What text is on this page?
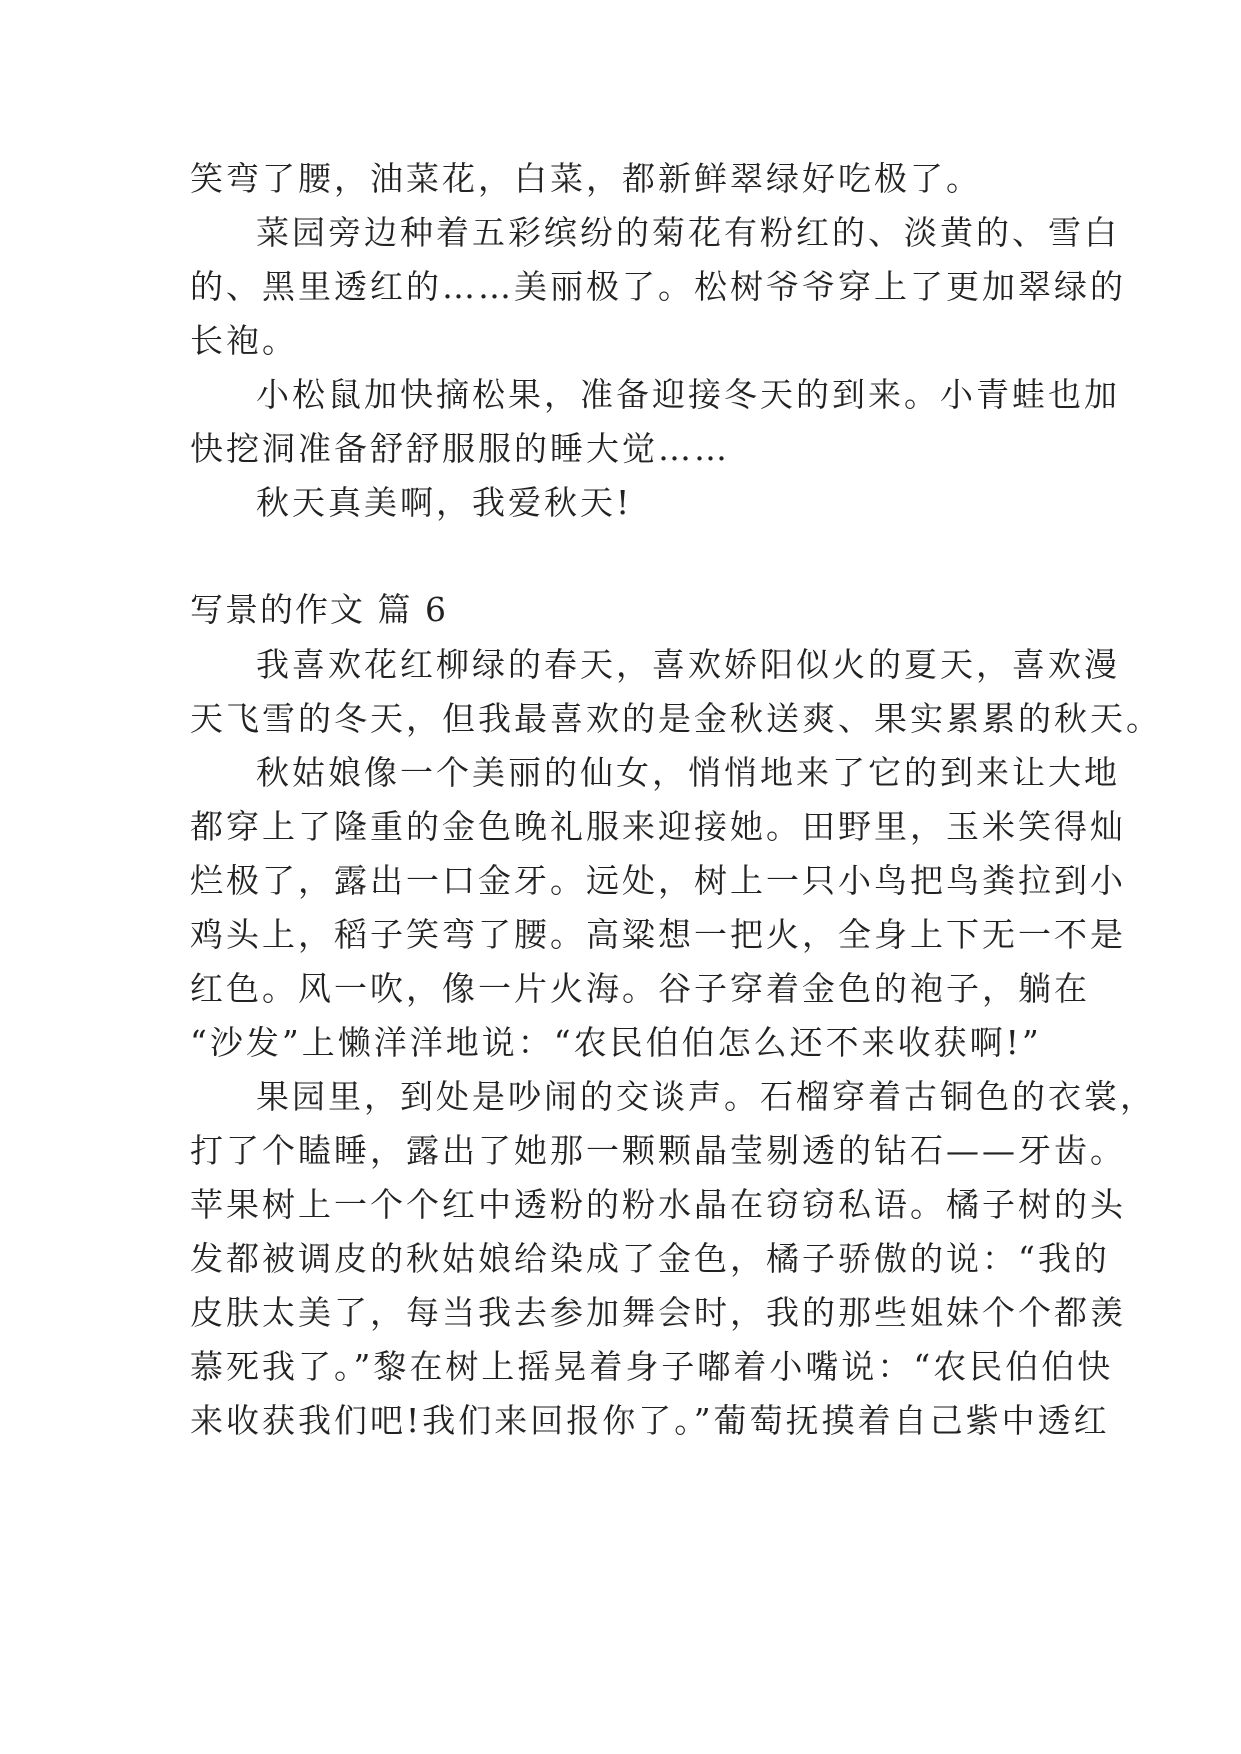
笑弯了腰，油菜花，白菜，都新鲜翠绿好吃极了。
菜园旁边种着五彩缤纷的菊花有粉红的、淡黄的、雪白
的、黑里透红的……美丽极了。松树爷爷穿上了更加翠绿的
长袍。
小松鼠加快摘松果，准备迎接冬天的到来。小青蛙也加
快挖洞准备舒舒服服的睡大觉……
秋天真美啊，我爱秋天!
写景的作文 篇 6
我喜欢花红柳绿的春天，喜欢娇阳似火的夏天，喜欢漫
天飞雪的冬天，但我最喜欢的是金秋送爽、果实累累的秋天。
秋姑娘像一个美丽的仙女，悄悄地来了它的到来让大地
都穿上了隆重的金色晚礼服来迎接她。田野里，玉米笑得灿
烂极了，露出一口金牙。远处，树上一只小鸟把鸟粪拉到小
鸡头上，稻子笑弯了腰。高粱想一把火，全身上下无一不是
红色。风一吹，像一片火海。谷子穿着金色的袍子，躺在
“沙发”上懒洋洋地说：“农民伯伯怎么还不来收获啊!”
果园里，到处是吵闹的交谈声。石榴穿着古铜色的衣裳，
打了个瞌睡，露出了她那一颗颗晶莹剔透的钻石——牙齿。
苹果树上一个个红中透粉的粉水晶在窃窃私语。橘子树的头
发都被调皮的秋姑娘给染成了金色，橘子骄傲的说：“我的
皮肤太美了，每当我去参加舞会时，我的那些姐妹个个都羡
慕死我了。”黎在树上摇晃着身子嘟着小嘴说：“农民伯伯快
来收获我们吧!我们来回报你了。”葡萄抚摸着自己紫中透红
